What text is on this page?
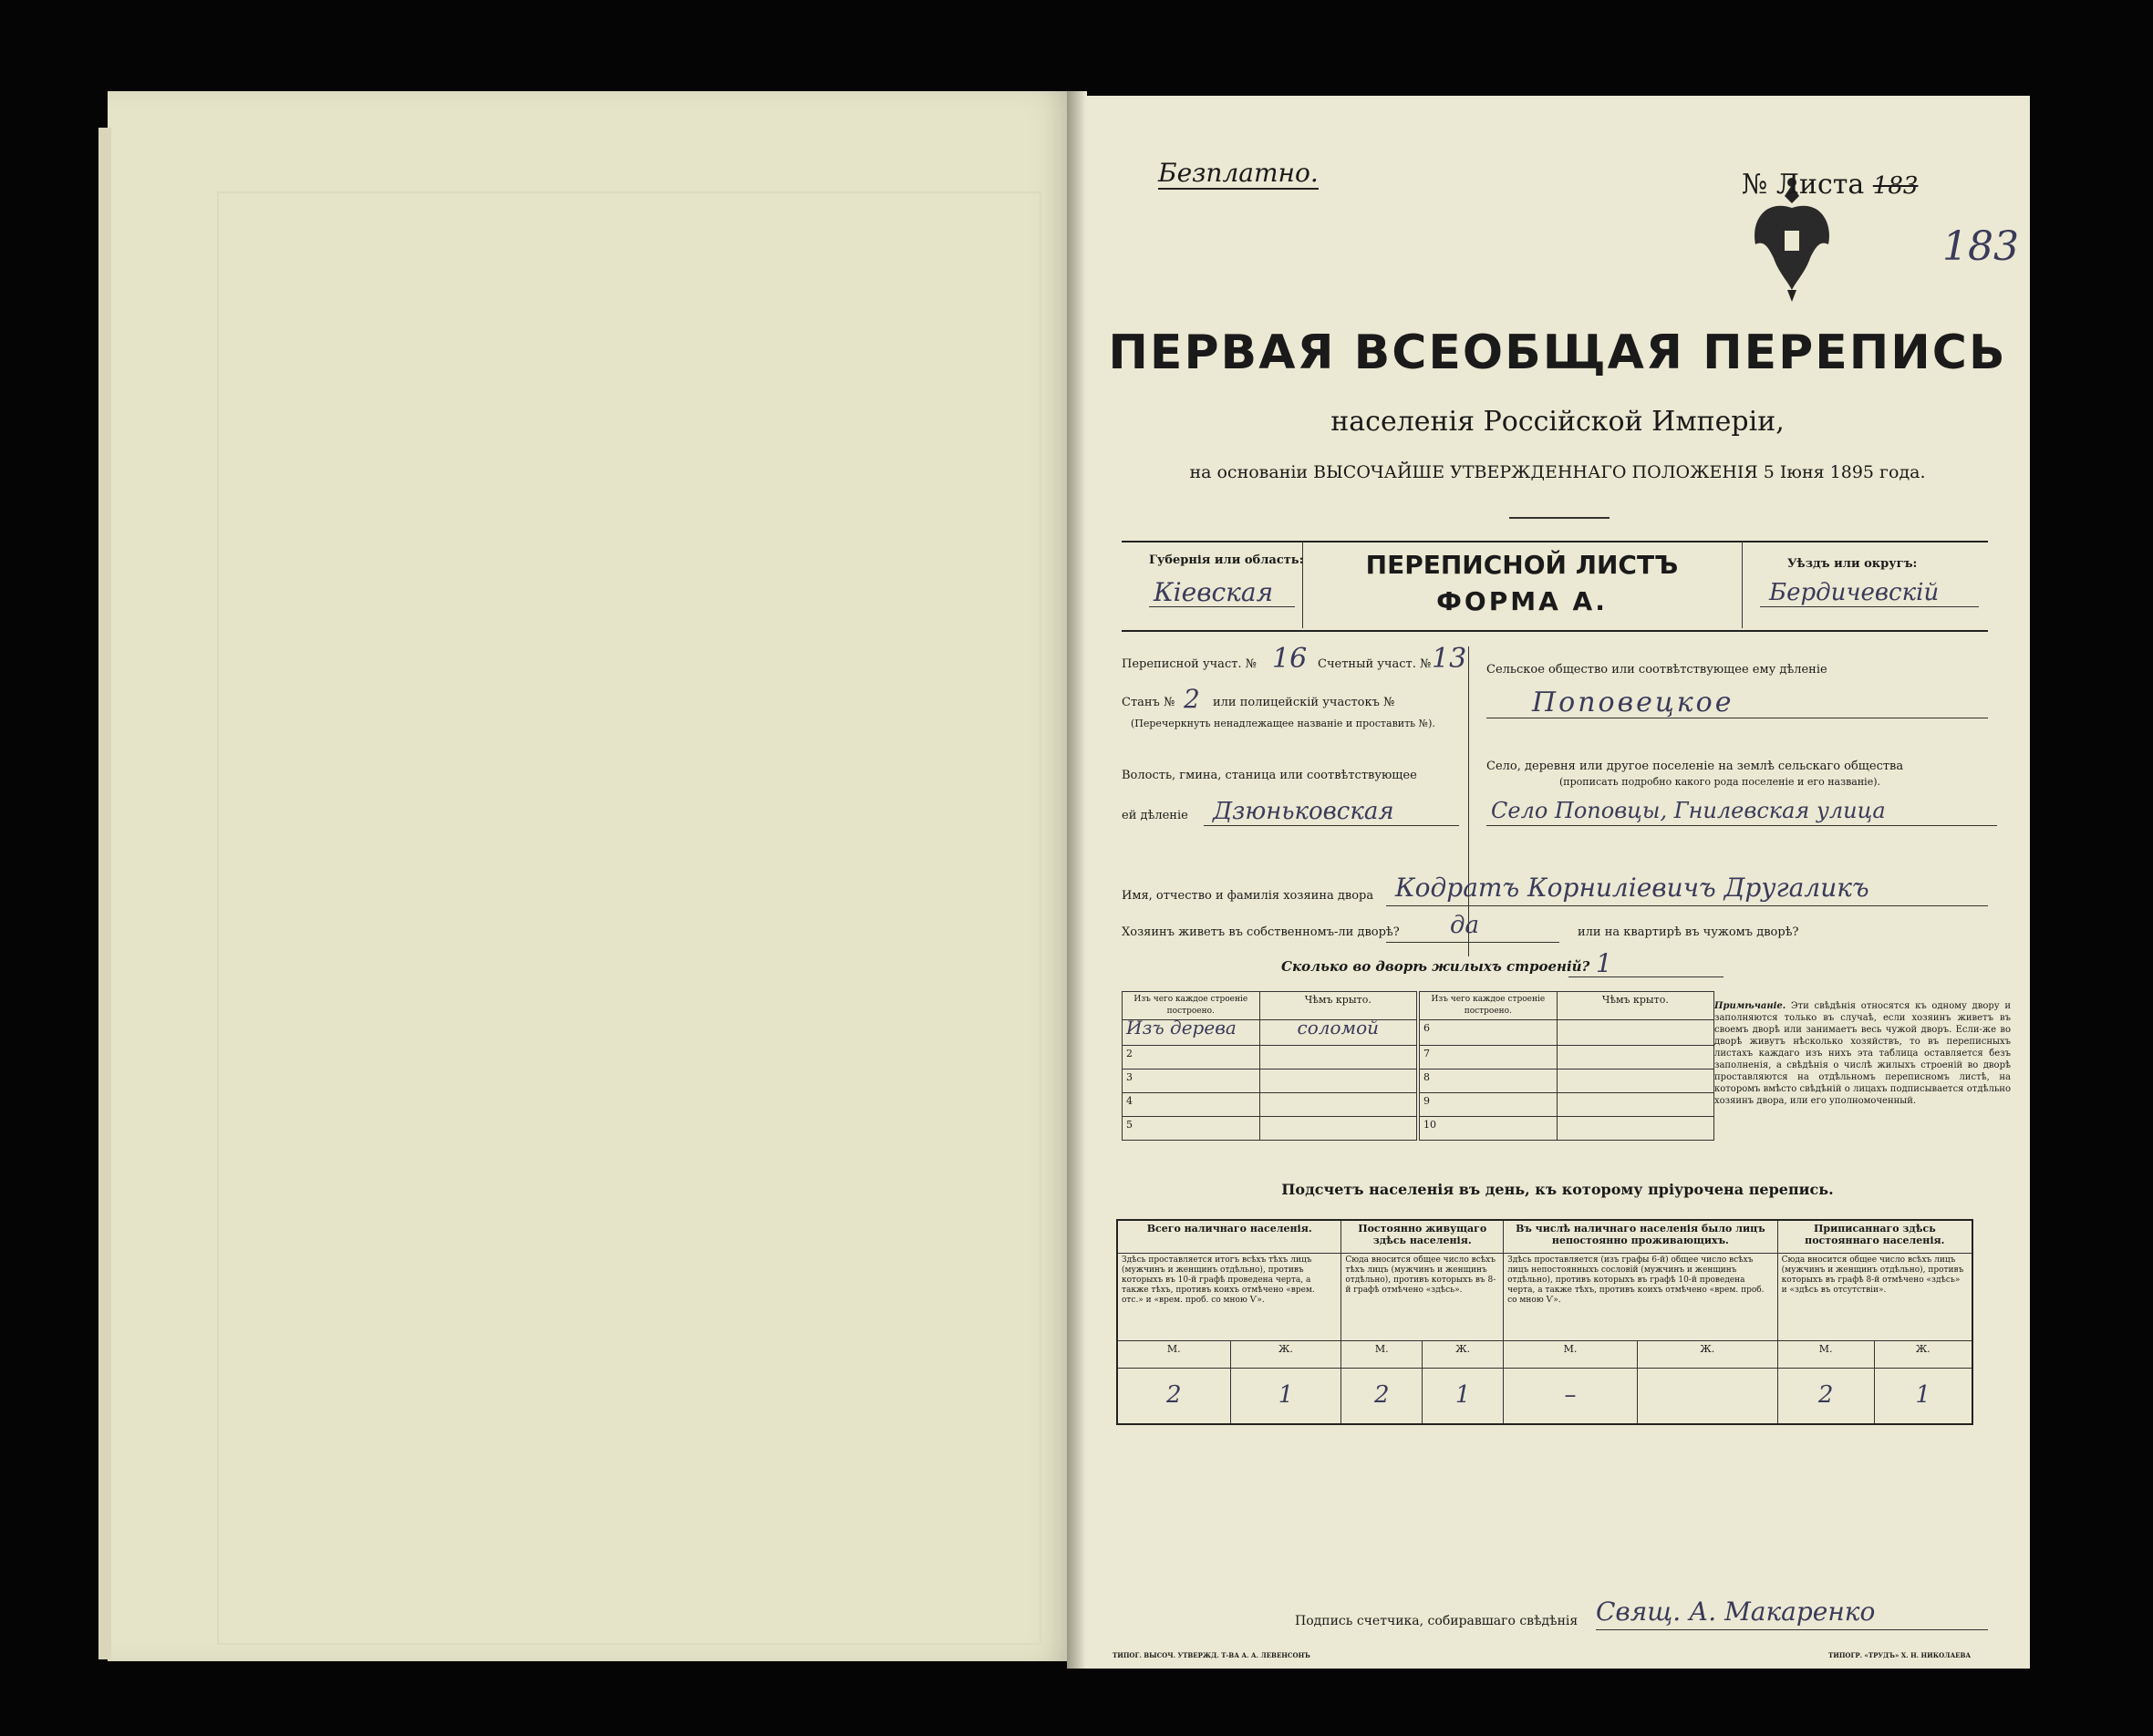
Безплатно.	№ Листа 183
183
ПЕРВАЯ ВСЕОБЩАЯ ПЕРЕПИСЬ
населенія Россійской Имперіи,
на основаніи ВЫСОЧАЙШЕ УТВЕРЖДЕННАГО ПОЛОЖЕНІЯ 5 Іюня 1895 года.
Губернія или область:
Кіевская
ПЕРЕПИСНОЙ ЛИСТЪ
ФОРМА А.
Уѣздъ или округъ:
Бердичевскій
Переписной участ. № 16 Счетный участ. № 13
Станъ № 2 или полицейскій участокъ №
(Перечеркнуть ненадлежащее названіе и проставить №).
Волость, гмина, станица или соотвѣтствующее
ей дѣленіе Дзюньковская
Сельское общество или соотвѣтствующее ему дѣленіе
Поповецкое
Село, деревня или другое поселеніе на землѣ сельскаго общества
(прописать подробно какого рода поселеніе и его названіе).
Село Поповцы, Гнилевская улица
Имя, отчество и фамилія хозяина двора Кодратъ Корниліевичъ Другаликъ
Хозяинъ живетъ въ собственномъ-ли дворѣ? да	или на квартирѣ въ чужомъ дворѣ?
Сколько во дворѣ жилыхъ строеній? 1
Изъ чего каждое строеніе построено.	Чѣмъ крыто.	Изъ чего каждое строеніе построено.	Чѣмъ крыто.
Изъ дерева	соломой	6	
2		7	
3		8	
4		9	
5		10	
Примѣчаніе. Эти свѣдѣнія относятся къ одному двору и заполняются только въ случаѣ, если хозяинъ живетъ въ своемъ дворѣ или занимаетъ весь чужой дворъ. Если-же во дворѣ живутъ нѣсколько хозяйствъ, то въ переписныхъ листахъ каждаго изъ нихъ эта таблица оставляется безъ заполненія, а свѣдѣнія о числѣ жилыхъ строеній во дворѣ проставляются на отдѣльномъ переписномъ листѣ, на которомъ вмѣсто свѣдѣній о лицахъ подписывается отдѣльно хозяинъ двора, или его уполномоченный.
Подсчетъ населенія въ день, къ которому пріурочена перепись.
Всего наличнаго населенія.		Постоянно живущаго здѣсь населенія.		Въ числѣ наличнаго населенія было лицъ непостоянно проживающихъ.		Приписаннаго здѣсь постояннаго населенія.	
Здѣсь проставляется итогъ всѣхъ тѣхъ лицъ (мужчинъ и женщинъ отдѣльно), противъ которыхъ въ 10-й графѣ проведена черта, а также тѣхъ, противъ коихъ отмѣчено «врем. отс.» и «врем. проб. со мною Ѵ».		Сюда вносится общее число всѣхъ тѣхъ лицъ (мужчинъ и женщинъ отдѣльно), противъ которыхъ въ 8-й графѣ отмѣчено «здѣсь».		Здѣсь проставляется (изъ графы 6-й) общее число всѣхъ лицъ непостоянныхъ сословій (мужчинъ и женщинъ отдѣльно), противъ которыхъ въ графѣ 10-й проведена черта, а также тѣхъ, противъ коихъ отмѣчено «врем. проб. со мною Ѵ».		Сюда вносится общее число всѣхъ лицъ (мужчинъ и женщинъ отдѣльно), противъ которыхъ въ графѣ 8-й отмѣчено «здѣсь» и «здѣсь въ отсутствіи».	
М.	Ж.	М.	Ж.	М.	Ж.	М.	Ж.
2	1	2	1	–		2	1
Подпись счетчика, собиравшаго свѣдѣнія Свящ. А. Макаренко
ТИПОГ. ВЫСОЧ. УТВЕРЖД. Т-ВА А. А. ЛЕВЕНСОНЪ	ТИПОГР. «ТРУДЪ» Х. Н. НИКОЛАЕВА
